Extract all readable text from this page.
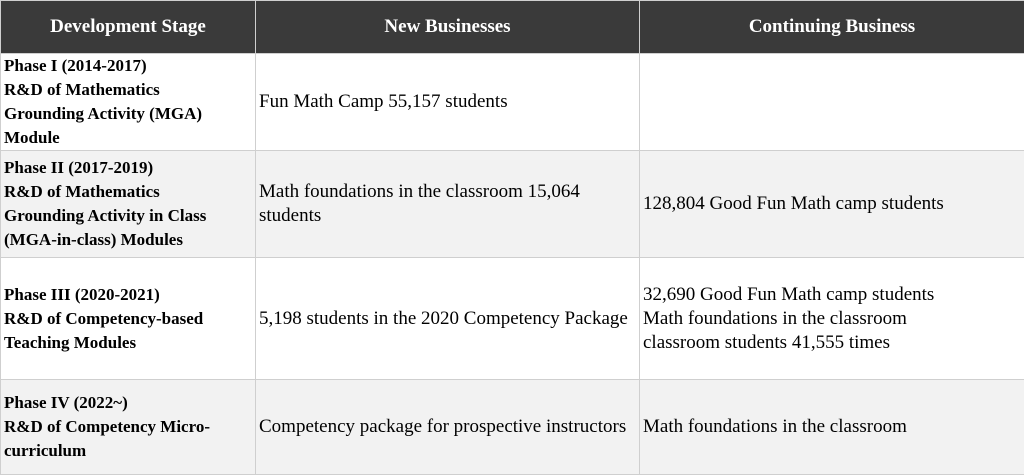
Development Stage	New Businesses	Continuing Business

Phase I (2014-2017)
R&D of Mathematics
Grounding Activity (MGA)
Module	Fun Math Camp 55,157 students	

Phase II (2017-2019)
R&D of Mathematics
Grounding Activity in Class
(MGA-in-class) Modules	Math foundations in the classroom 15,064 students	128,804 Good Fun Math camp students

Phase III (2020-2021)
R&D of Competency-based
Teaching Modules	5,198 students in the 2020 Competency Package	32,690 Good Fun Math camp students
Math foundations in the classroom
classroom students 41,555 times

Phase IV (2022~)
R&D of Competency Micro-
curriculum	Competency package for prospective instructors	Math foundations in the classroom
